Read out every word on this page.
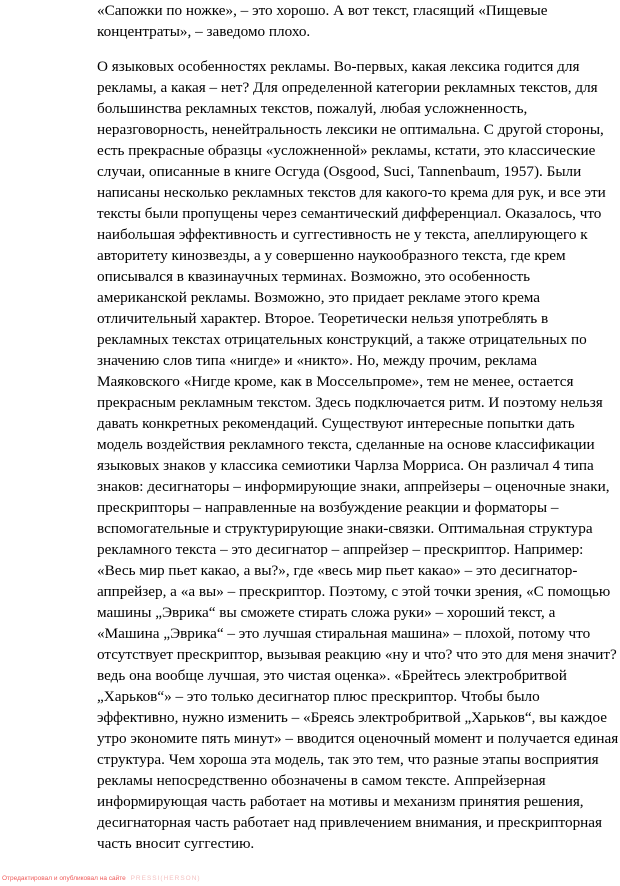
«Сапожки по ножке», – это хорошо. А вот текст, гласящий «Пищевые
концентраты», – заведомо плохо.
О языковых особенностях рекламы. Во-первых, какая лексика годится для
рекламы, а какая – нет? Для определенной категории рекламных текстов, для
большинства рекламных текстов, пожалуй, любая усложненность,
неразговорность, ненейтральность лексики не оптимальна. С другой стороны,
есть прекрасные образцы «усложненной» рекламы, кстати, это классические
случаи, описанные в книге Осгуда (Osgood, Suci, Tannenbaum, 1957). Были
написаны несколько рекламных текстов для какого-то крема для рук, и все эти
тексты были пропущены через семантический дифференциал. Оказалось, что
наибольшая эффективность и суггестивность не у текста, апеллирующего к
авторитету кинозвезды, а у совершенно наукообразного текста, где крем
описывался в квазинаучных терминах. Возможно, это особенность
американской рекламы. Возможно, это придает рекламе этого крема
отличительный характер. Второе. Теоретически нельзя употреблять в
рекламных текстах отрицательных конструкций, а также отрицательных по
значению слов типа «нигде» и «никто». Но, между прочим, реклама
Маяковского «Нигде кроме, как в Моссельпроме», тем не менее, остается
прекрасным рекламным текстом. Здесь подключается ритм. И поэтому нельзя
давать конкретных рекомендаций. Существуют интересные попытки дать
модель воздействия рекламного текста, сделанные на основе классификации
языковых знаков у классика семиотики Чарлза Морриса. Он различал 4 типа
знаков: десигнаторы – информирующие знаки, аппрейзеры – оценочные знаки,
прескрипторы – направленные на возбуждение реакции и форматоры –
вспомогательные и структурирующие знаки-связки. Оптимальная структура
рекламного текста – это десигнатор – аппрейзер – прескриптор. Например:
«Весь мир пьет какао, а вы?», где «весь мир пьет какао» – это десигнатор-
аппрейзер, а «а вы» – прескриптор. Поэтому, с этой точки зрения, «С помощью
машины „Эврика“ вы сможете стирать сложа руки» – хороший текст, а
«Машина „Эврика“ – это лучшая стиральная машина» – плохой, потому что
отсутствует прескриптор, вызывая реакцию «ну и что? что это для меня значит?
ведь она вообще лучшая, это чистая оценка». «Брейтесь электробритвой
„Харьков“» – это только десигнатор плюс прескриптор. Чтобы было
эффективно, нужно изменить – «Бреясь электробритвой „Харьков“, вы каждое
утро экономите пять минут» – вводится оценочный момент и получается единая
структура. Чем хороша эта модель, так это тем, что разные этапы восприятия
рекламы непосредственно обозначены в самом тексте. Аппрейзерная
информирующая часть работает на мотивы и механизм принятия решения,
десигнаторная часть работает над привлечением внимания, и прескрипторная
часть вносит суггестию.
Отредактировал и опубликовал на сайте PRESSI(HERSON)
